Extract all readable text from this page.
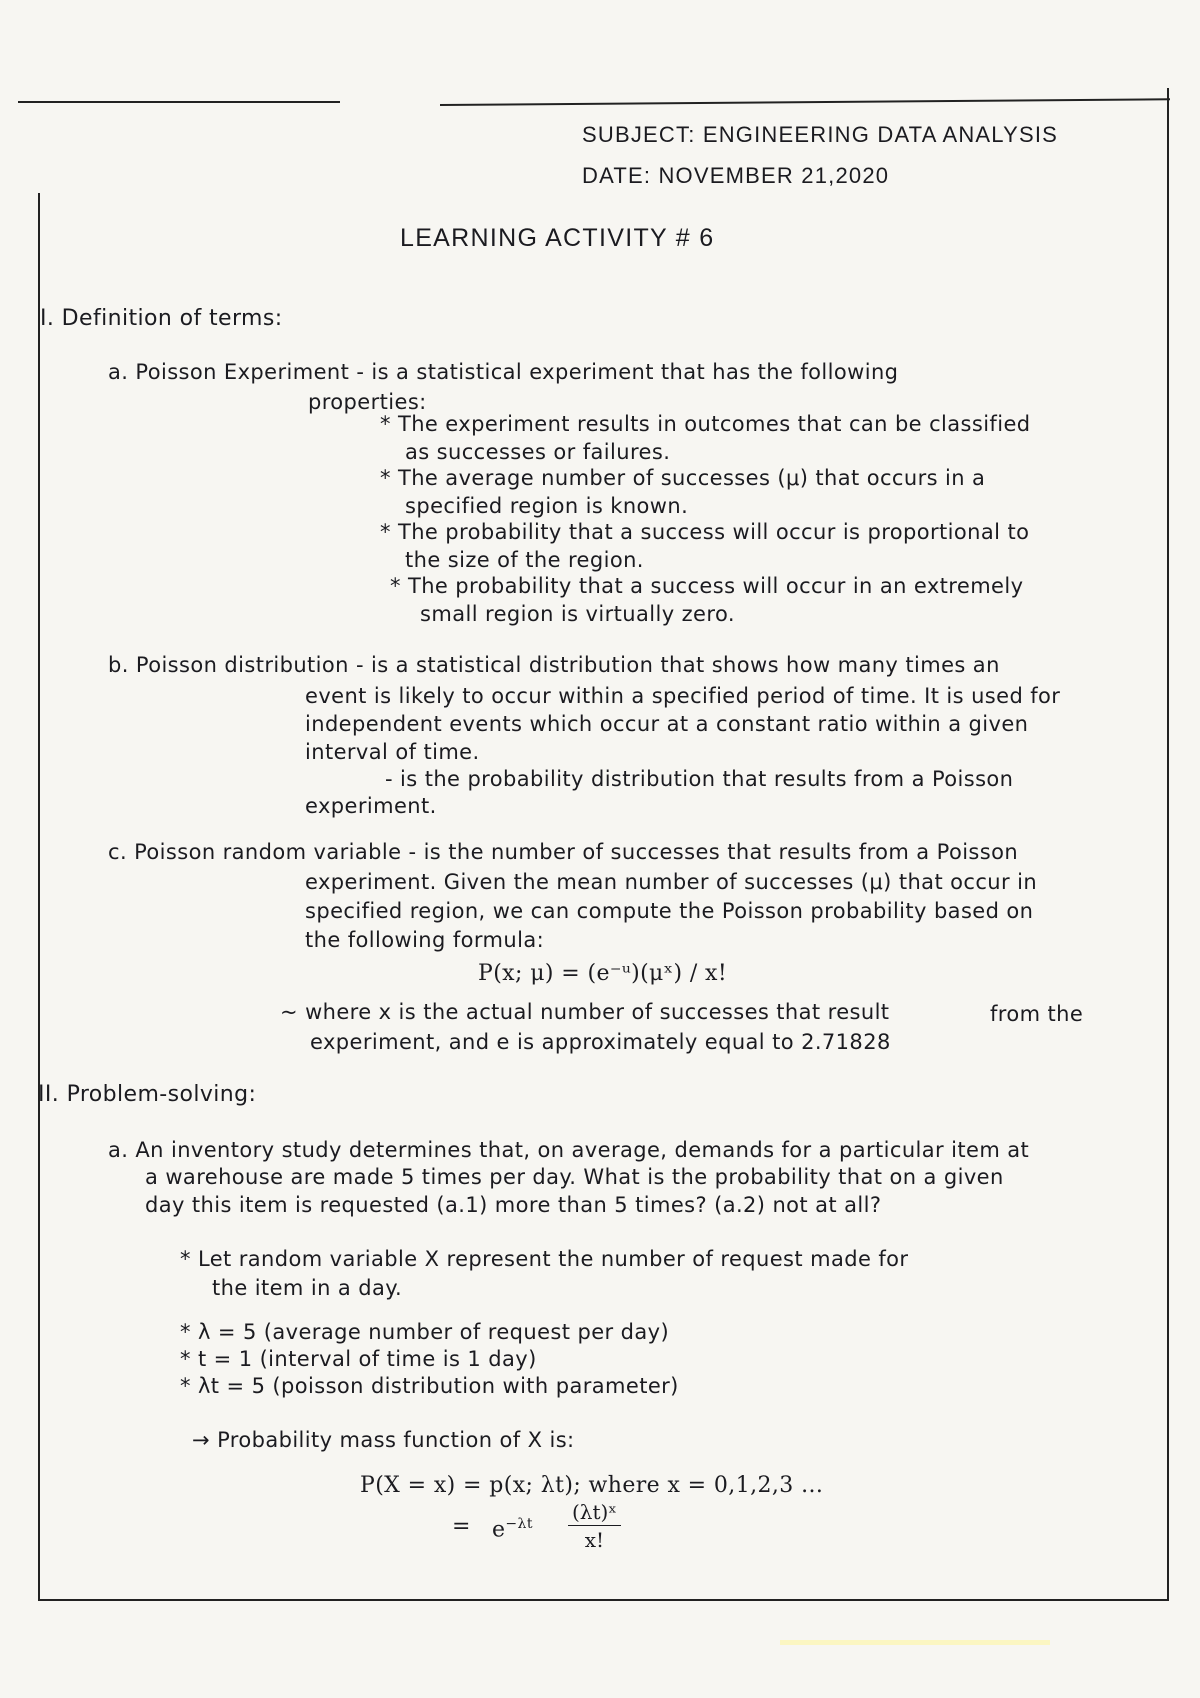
SUBJECT: ENGINEERING DATA ANALYSIS
DATE: NOVEMBER 21,2020
LEARNING ACTIVITY # 6
I. Definition of terms:
a. Poisson Experiment - is a statistical experiment that has the following
properties:
* The experiment results in outcomes that can be classified
as successes or failures.
* The average number of successes (μ) that occurs in a
specified region is known.
* The probability that a success will occur is proportional to
the size of the region.
* The probability that a success will occur in an extremely
small region is virtually zero.
b. Poisson distribution - is a statistical distribution that shows how many times an
event is likely to occur within a specified period of time. It is used for
independent events which occur at a constant ratio within a given
interval of time.
- is the probability distribution that results from a Poisson
experiment.
c. Poisson random variable - is the number of successes that results from a Poisson
experiment. Given the mean number of successes (μ) that occur in
specified region, we can compute the Poisson probability based on
the following formula:
P(x; μ) = (e⁻ᵘ)(μˣ) / x!
~ where x is the actual number of successes that result	from the
experiment, and e is approximately equal to 2.71828
II. Problem-solving:
a. An inventory study determines that, on average, demands for a particular item at
a warehouse are made 5 times per day. What is the probability that on a given
day this item is requested (a.1) more than 5 times? (a.2) not at all?
* Let random variable X represent the number of request made for
the item in a day.
* λ = 5 (average number of request per day)
* t = 1 (interval of time is 1 day)
* λt = 5 (poisson distribution with parameter)
→ Probability mass function of X is:
P(X = x) = p(x; λt); where x = 0,1,2,3 ...
= $e^{-\lambda t} \frac{\text{(λt)ˣ}}{x!}$
